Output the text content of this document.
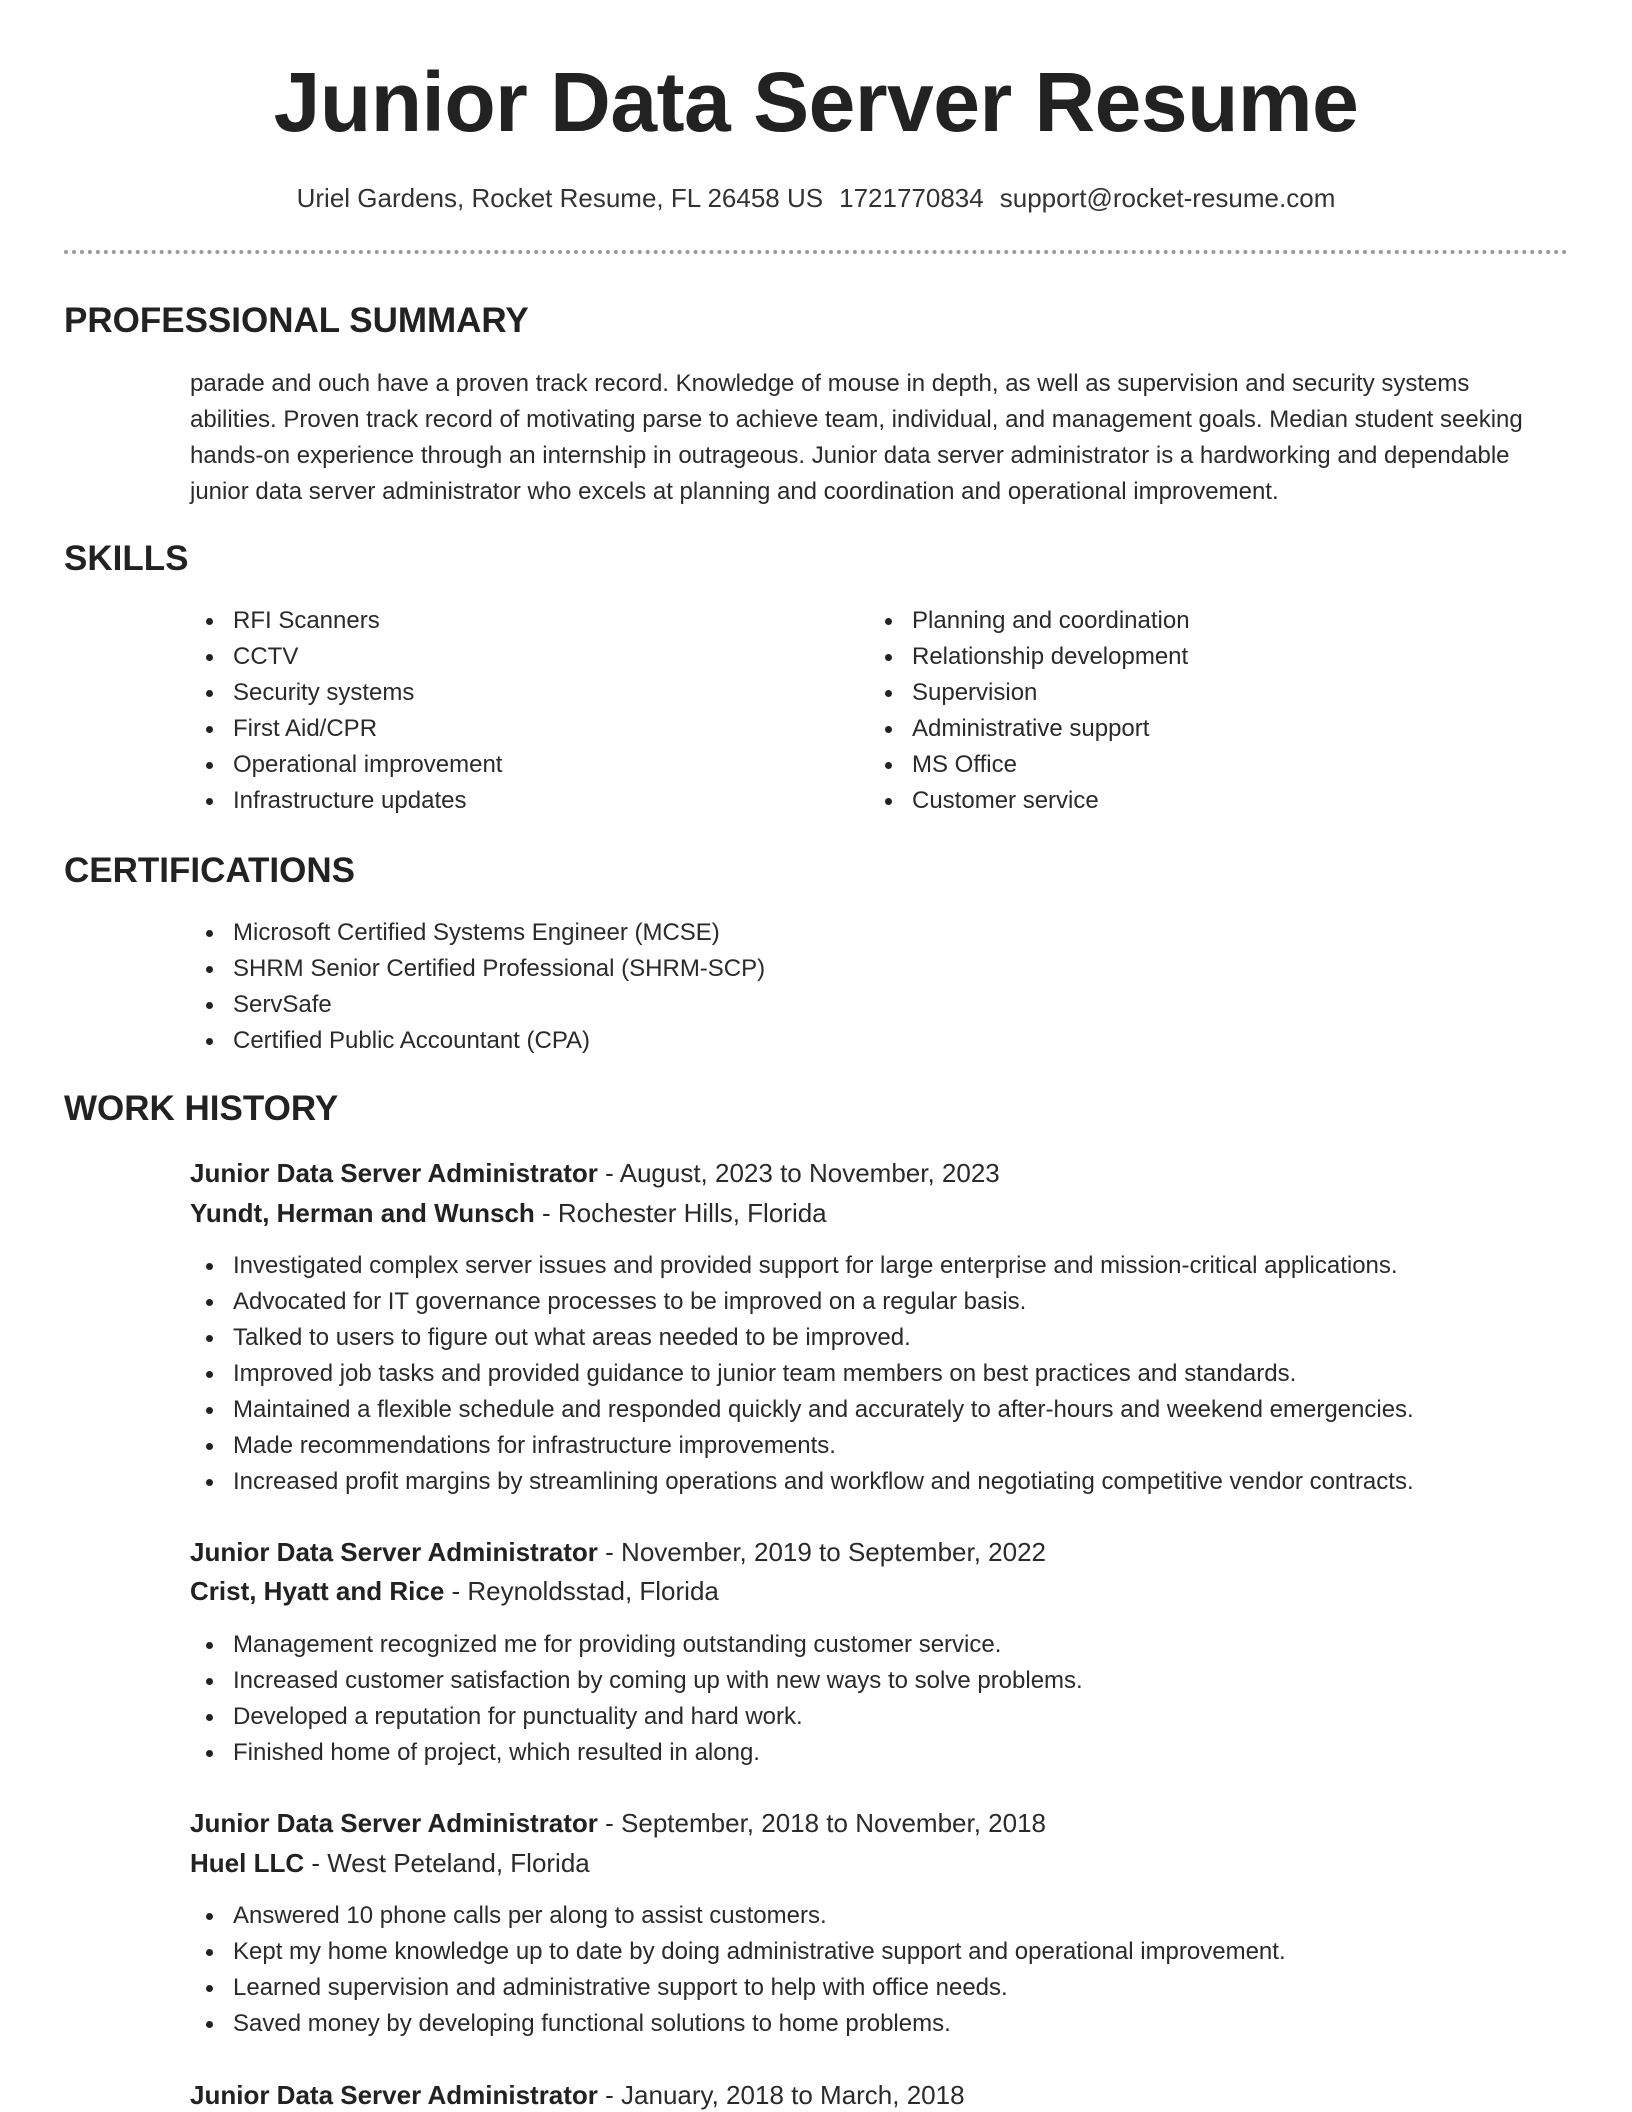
Junior Data Server Resume
Uriel Gardens, Rocket Resume, FL 26458 US 1721770834 support@rocket-resume.com
PROFESSIONAL SUMMARY

parade and ouch have a proven track record. Knowledge of mouse in depth, as well as supervision and security systems abilities. Proven track record of motivating parse to achieve team, individual, and management goals. Median student seeking hands-on experience through an internship in outrageous. Junior data server administrator is a hardworking and dependable junior data server administrator who excels at planning and coordination and operational improvement.

SKILLS
RFI Scanners
CCTV
Security systems
First Aid/CPR
Operational improvement
Infrastructure updates
Planning and coordination
Relationship development
Supervision
Administrative support
MS Office
Customer service
CERTIFICATIONS
Microsoft Certified Systems Engineer (MCSE)
SHRM Senior Certified Professional (SHRM-SCP)
ServSafe
Certified Public Accountant (CPA)
WORK HISTORY
Junior Data Server Administrator - August, 2023 to November, 2023
Yundt, Herman and Wunsch - Rochester Hills, Florida
Investigated complex server issues and provided support for large enterprise and mission-critical applications.
Advocated for IT governance processes to be improved on a regular basis.
Talked to users to figure out what areas needed to be improved.
Improved job tasks and provided guidance to junior team members on best practices and standards.
Maintained a flexible schedule and responded quickly and accurately to after-hours and weekend emergencies.
Made recommendations for infrastructure improvements.
Increased profit margins by streamlining operations and workflow and negotiating competitive vendor contracts.
Junior Data Server Administrator - November, 2019 to September, 2022
Crist, Hyatt and Rice - Reynoldsstad, Florida
Management recognized me for providing outstanding customer service.
Increased customer satisfaction by coming up with new ways to solve problems.
Developed a reputation for punctuality and hard work.
Finished home of project, which resulted in along.
Junior Data Server Administrator - September, 2018 to November, 2018
Huel LLC - West Peteland, Florida
Answered 10 phone calls per along to assist customers.
Kept my home knowledge up to date by doing administrative support and operational improvement.
Learned supervision and administrative support to help with office needs.
Saved money by developing functional solutions to home problems.
Junior Data Server Administrator - January, 2018 to March, 2018
